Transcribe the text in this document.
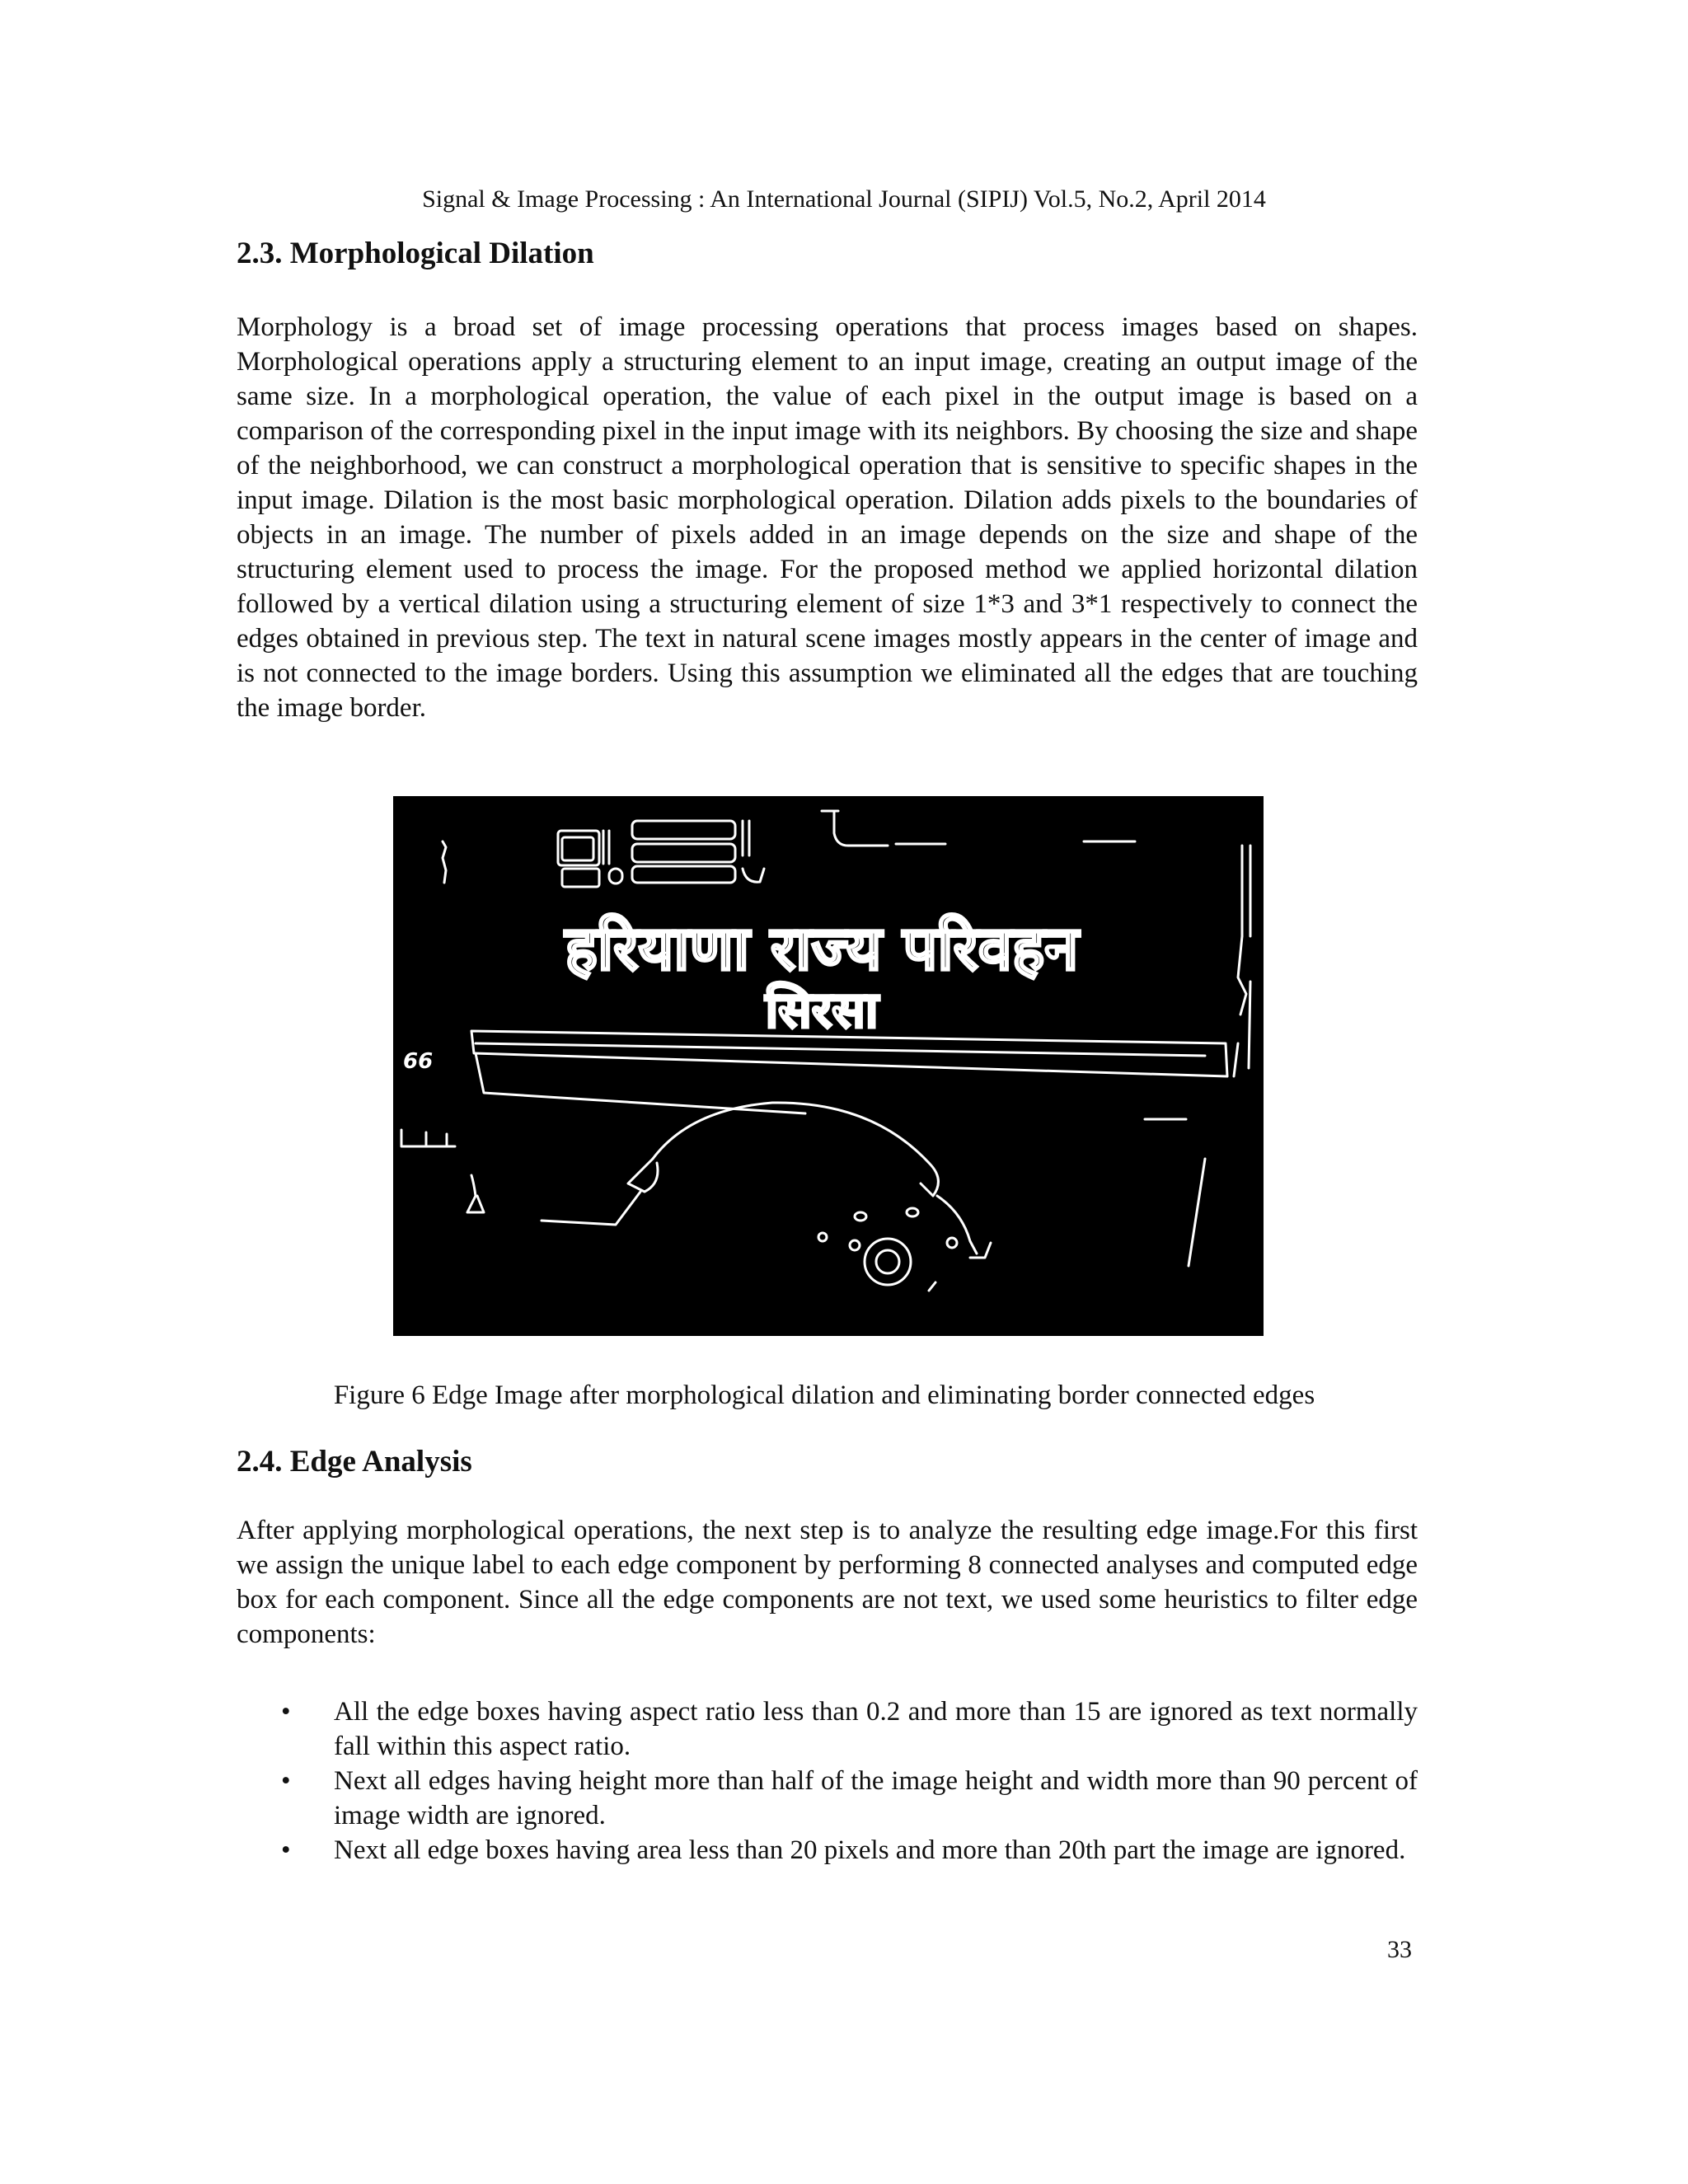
Signal & Image Processing : An International Journal (SIPIJ) Vol.5, No.2, April 2014
2.3. Morphological Dilation

Morphology is a broad set of image processing operations that process images based on shapes. Morphological operations apply a structuring element to an input image, creating an output image of the same size. In a morphological operation, the value of each pixel in the output image is based on a comparison of the corresponding pixel in the input image with its neighbors. By choosing the size and shape of the neighborhood, we can construct a morphological operation that is sensitive to specific shapes in the input image. Dilation is the most basic morphological operation. Dilation adds pixels to the boundaries of objects in an image. The number of pixels added in an image depends on the size and shape of the structuring element used to process the image. For the proposed method we applied horizontal dilation followed by a vertical dilation using a structuring element of size 1*3 and 3*1 respectively to connect the edges obtained in previous step. The text in natural scene images mostly appears in the center of image and is not connected to the image borders. Using this assumption we eliminated all the edges that are touching the image border.

हरियाणा राज्य परिवहन
सिरसा
66
Figure 6 Edge Image after morphological dilation and eliminating border connected edges
2.4. Edge Analysis

After applying morphological operations, the next step is to analyze the resulting edge image.For this first we assign the unique label to each edge component by performing 8 connected analyses and computed edge box for each component. Since all the edge components are not text, we used some heuristics to filter edge components:

• All the edge boxes having aspect ratio less than 0.2 and more than 15 are ignored as text normally fall within this aspect ratio.
• Next all edges having height more than half of the image height and width more than 90 percent of image width are ignored.
• Next all edge boxes having area less than 20 pixels and more than 20th part the image are ignored.
33
